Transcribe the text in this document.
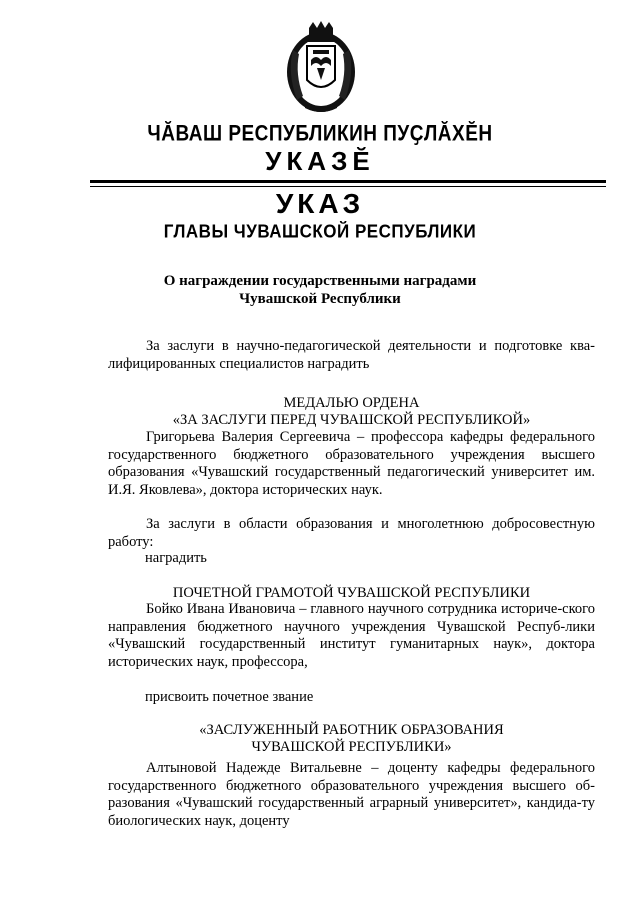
ЧӐВАШ РЕСПУБЛИКИН ПУҪЛӐХӖН
УКАЗӖ
УКАЗ
ГЛАВЫ ЧУВАШСКОЙ РЕСПУБЛИКИ
О награждении государственными наградами
Чувашской Республики

За заслуги в научно-педагогической деятельности и подготовке ква-лифицированных специалистов наградить

МЕДАЛЬЮ ОРДЕНА
«ЗА ЗАСЛУГИ ПЕРЕД ЧУВАШСКОЙ РЕСПУБЛИКОЙ»

Григорьева Валерия Сергеевича – профессора кафедры федерального государственного бюджетного образовательного учреждения высшего образования «Чувашский государственный педагогический университет им. И.Я. Яковлева», доктора исторических наук.

За заслуги в области образования и многолетнюю добросовестную работу:

наградить
ПОЧЕТНОЙ ГРАМОТОЙ ЧУВАШСКОЙ РЕСПУБЛИКИ

Бойко Ивана Ивановича – главного научного сотрудника историче-ского направления бюджетного научного учреждения Чувашской Респуб-лики «Чувашский государственный институт гуманитарных наук», доктора исторических наук, профессора,

присвоить почетное звание
«ЗАСЛУЖЕННЫЙ РАБОТНИК ОБРАЗОВАНИЯ
ЧУВАШСКОЙ РЕСПУБЛИКИ»

Алтыновой Надежде Витальевне – доценту кафедры федерального государственного бюджетного образовательного учреждения высшего об-разования «Чувашский государственный аграрный университет», кандида-ту биологических наук, доценту
